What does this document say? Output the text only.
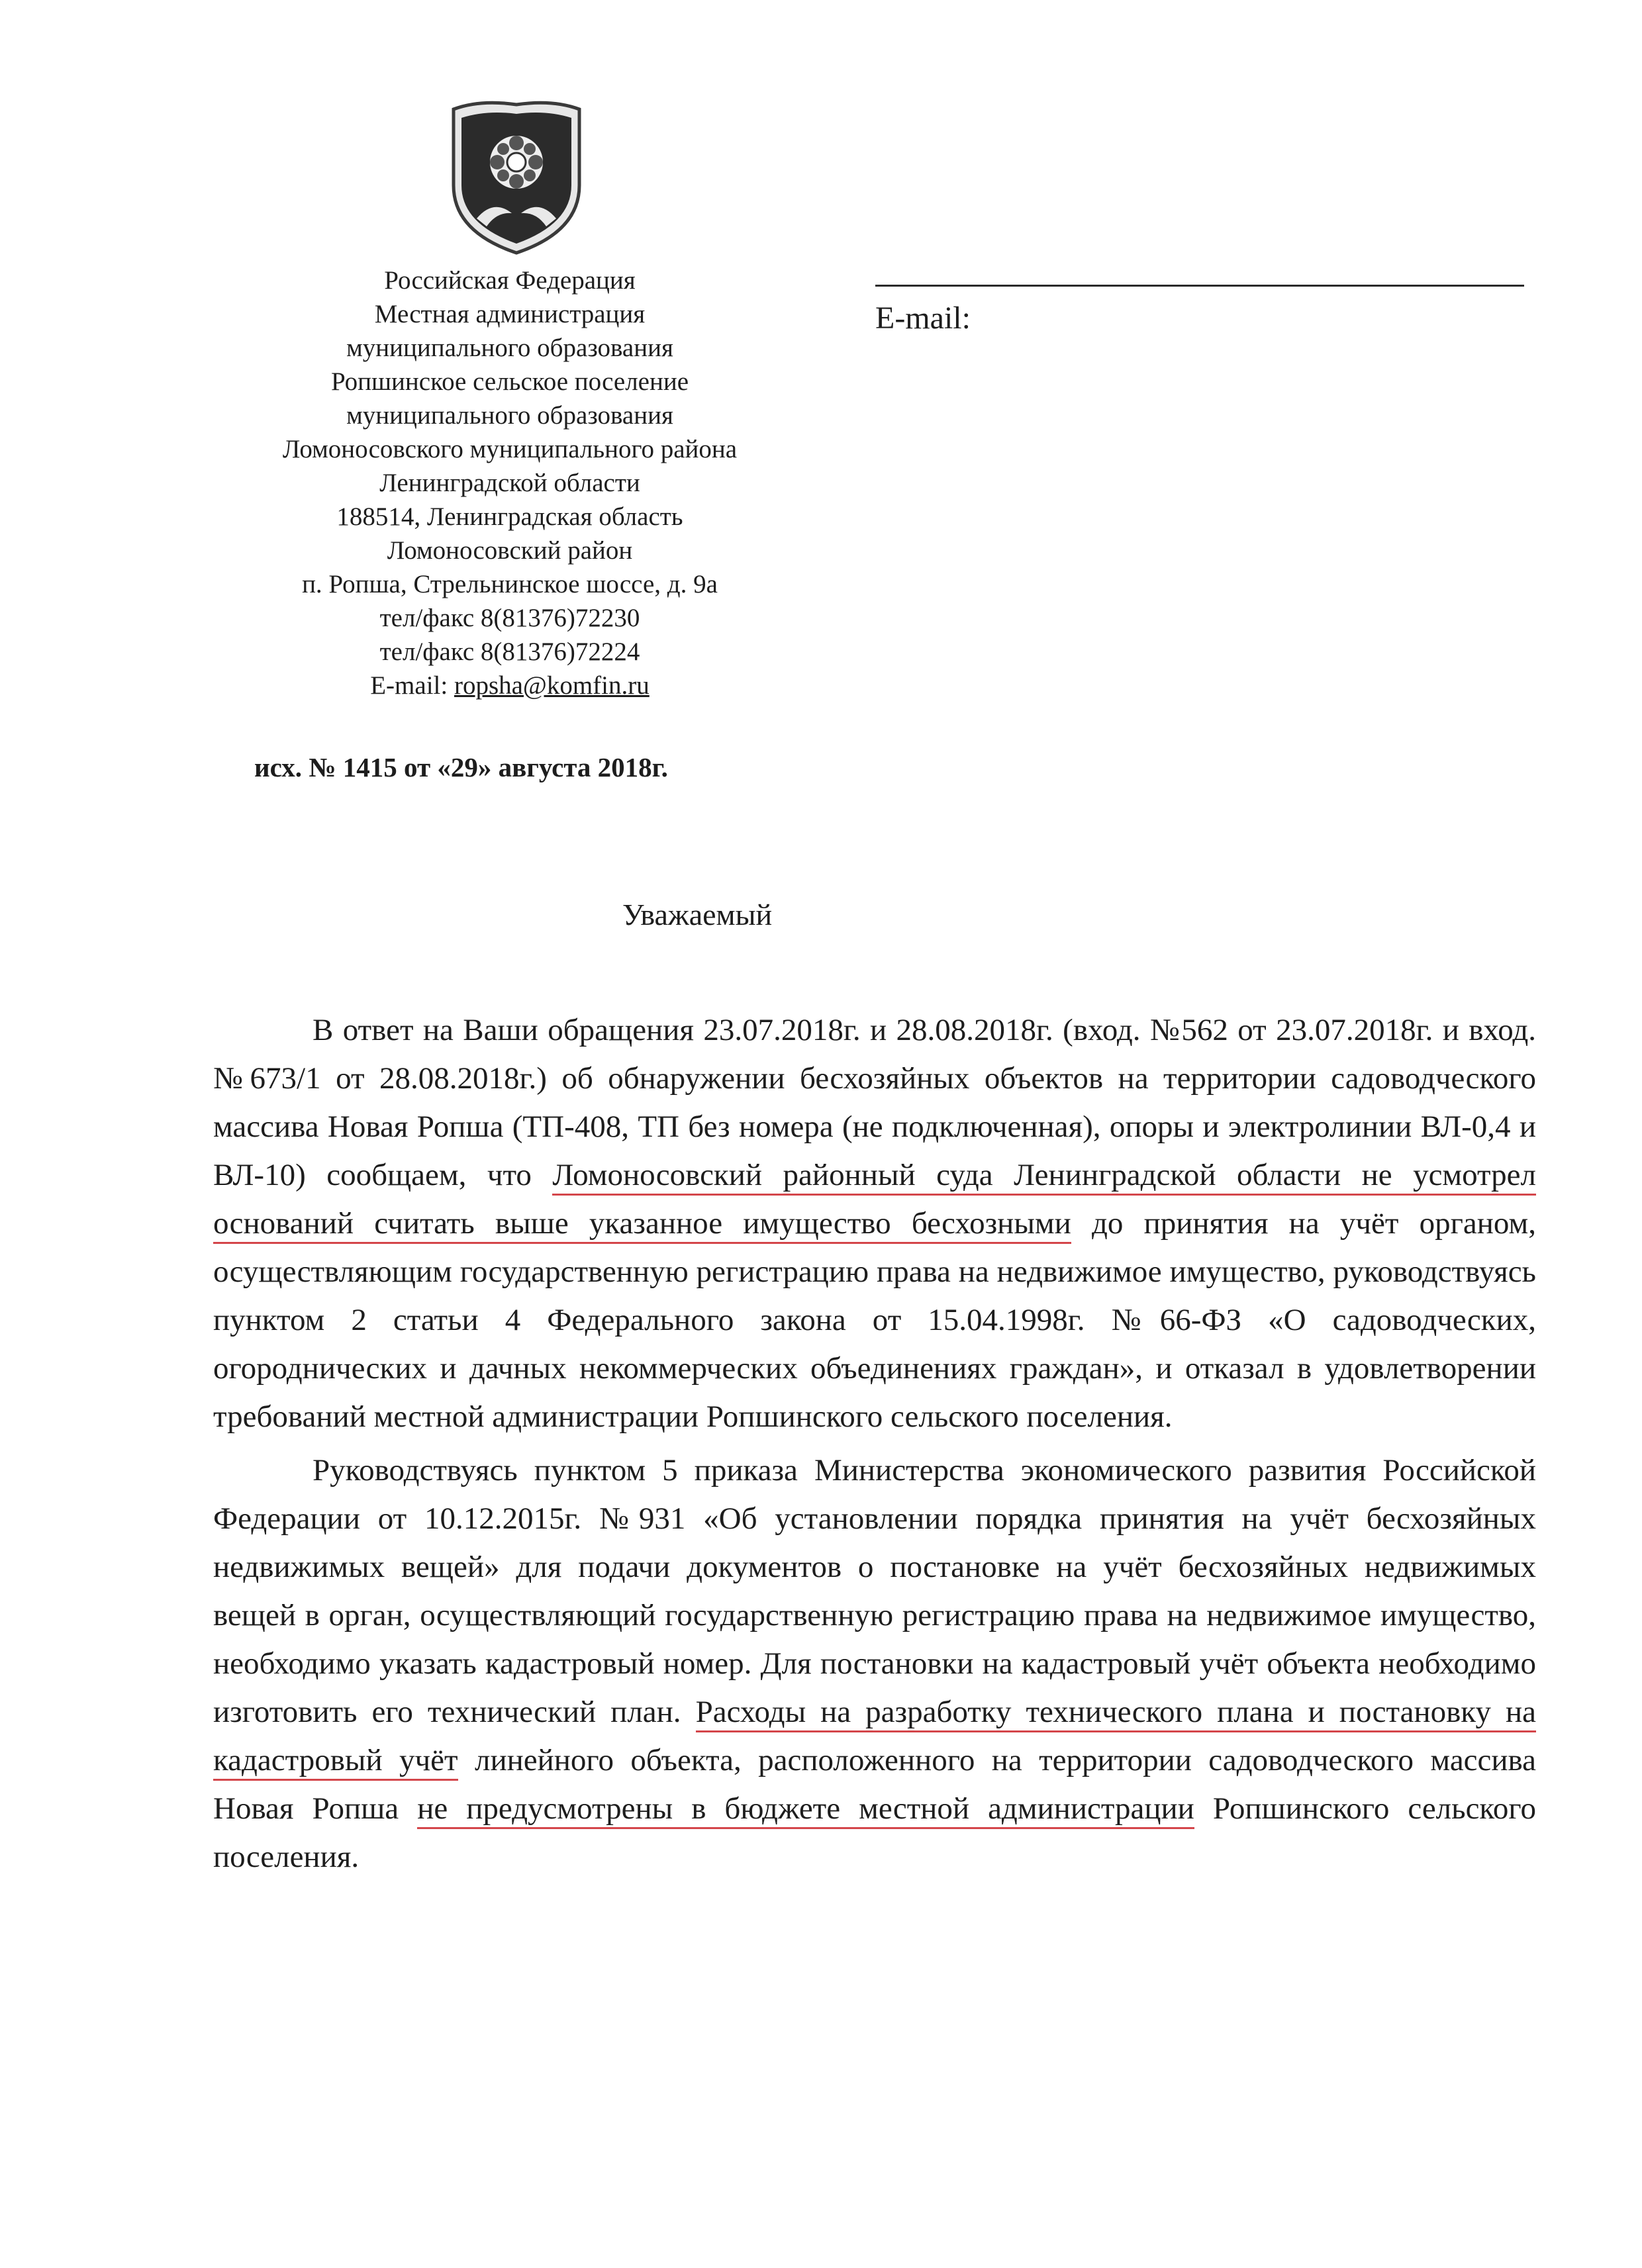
Российская Федерация
Местная администрация
муниципального образования
Ропшинское сельское поселение
муниципального образования
Ломоносовского муниципального района
Ленинградской области
188514, Ленинградская область
Ломоносовский район
п. Ропша, Стрельнинское шоссе, д. 9а
тел/факс 8(81376)72230
тел/факс 8(81376)72224
E-mail: ropsha@komfin.ru
исх. № 1415 от «29» августа 2018г.
E-mail:
Уважаемый

В ответ на Ваши обращения 23.07.2018г. и 28.08.2018г. (вход. №562 от 23.07.2018г. и вход. №673/1 от 28.08.2018г.) об обнаружении бесхозяйных объектов на территории садоводческого массива Новая Ропша (ТП-408, ТП без номера (не подключенная), опоры и электролинии ВЛ-0,4 и ВЛ-10) сообщаем, что Ломоносовский районный суда Ленинградской области не усмотрел оснований считать выше указанное имущество бесхозными до принятия на учёт органом, осуществляющим государственную регистрацию права на недвижимое имущество, руководствуясь пунктом 2 статьи 4 Федерального закона от 15.04.1998г. №66-ФЗ «О садоводческих, огороднических и дачных некоммерческих объединениях граждан», и отказал в удовлетворении требований местной администрации Ропшинского сельского поселения.

Руководствуясь пунктом 5 приказа Министерства экономического развития Российской Федерации от 10.12.2015г. №931 «Об установлении порядка принятия на учёт бесхозяйных недвижимых вещей» для подачи документов о постановке на учёт бесхозяйных недвижимых вещей в орган, осуществляющий государственную регистрацию права на недвижимое имущество, необходимо указать кадастровый номер. Для постановки на кадастровый учёт объекта необходимо изготовить его технический план. Расходы на разработку технического плана и постановку на кадастровый учёт линейного объекта, расположенного на территории садоводческого массива Новая Ропша не предусмотрены в бюджете местной администрации Ропшинского сельского поселения.
